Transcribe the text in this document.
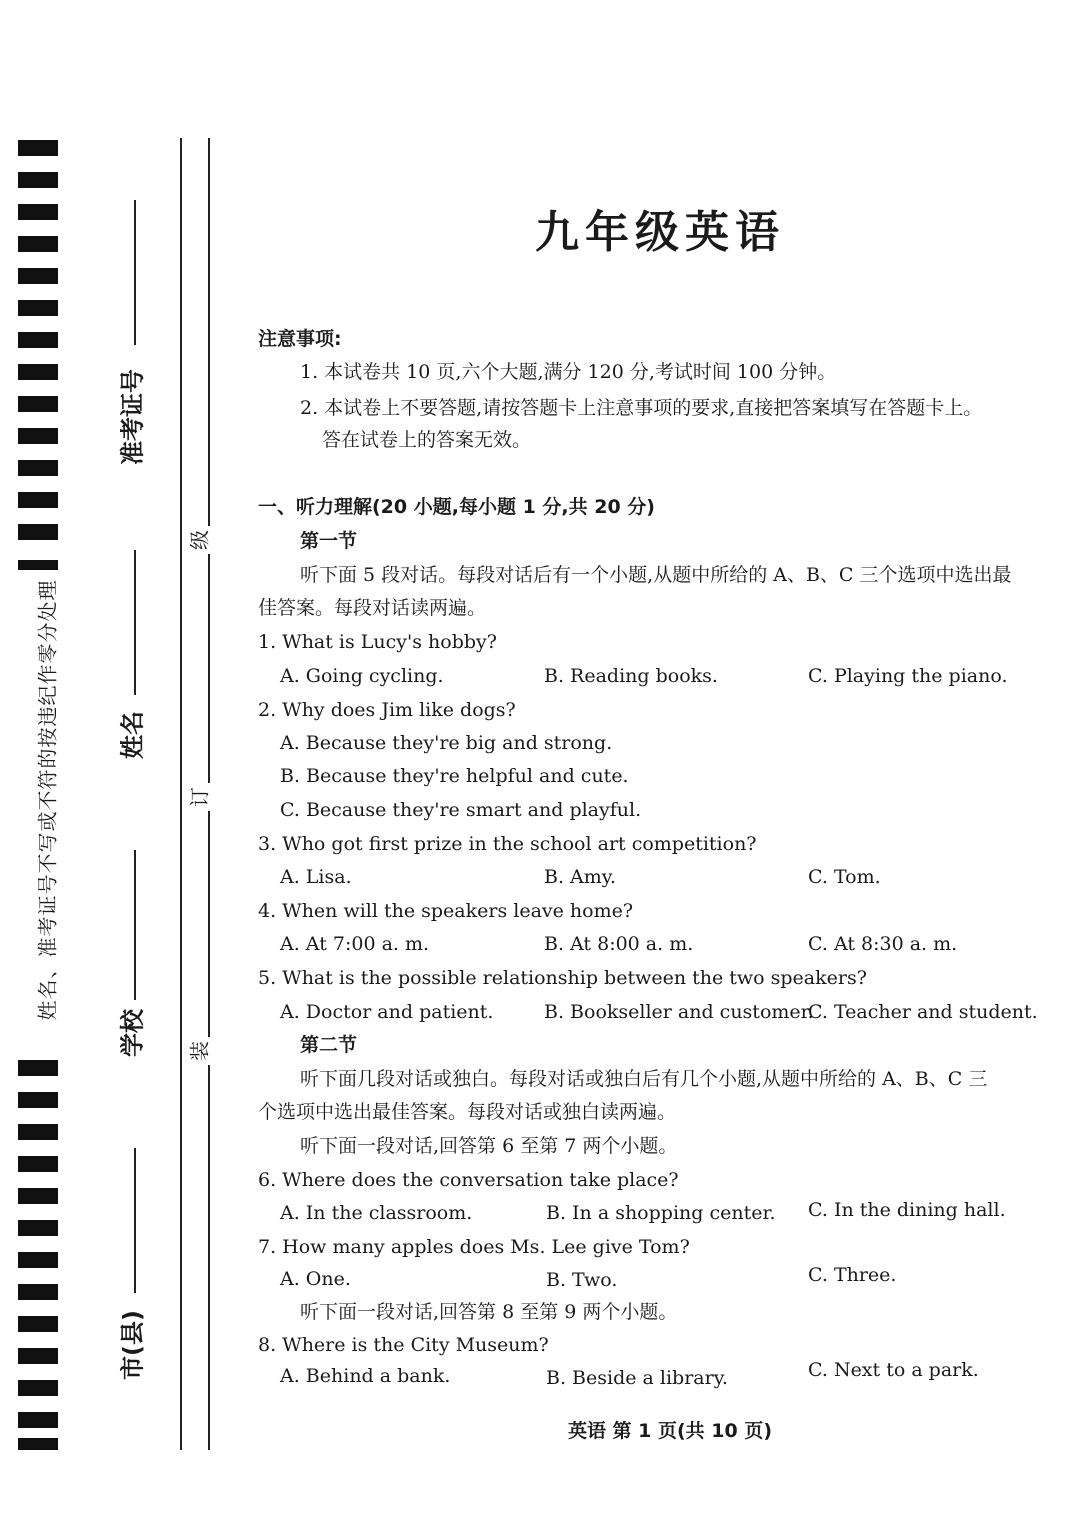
姓名、准考证号不写或不符的按违纪作零分处理
准考证号
姓名
学校
市(县)
级
订
装
九年级英语
注意事项:
1. 本试卷共 10 页,六个大题,满分 120 分,考试时间 100 分钟。
2. 本试卷上不要答题,请按答题卡上注意事项的要求,直接把答案填写在答题卡上。
答在试卷上的答案无效。
一、听力理解(20 小题,每小题 1 分,共 20 分)
第一节
听下面 5 段对话。每段对话后有一个小题,从题中所给的 A、B、C 三个选项中选出最
佳答案。每段对话读两遍。
1. What is Lucy's hobby?
A. Going cycling.	B. Reading books.	C. Playing the piano.
2. Why does Jim like dogs?
A. Because they're big and strong.
B. Because they're helpful and cute.
C. Because they're smart and playful.
3. Who got first prize in the school art competition?
A. Lisa.	B. Amy.	C. Tom.
4. When will the speakers leave home?
A. At 7:00 a. m.	B. At 8:00 a. m.	C. At 8:30 a. m.
5. What is the possible relationship between the two speakers?
A. Doctor and patient.	B. Bookseller and customer.
C. Teacher and student.
第二节
听下面几段对话或独白。每段对话或独白后有几个小题,从题中所给的 A、B、C 三
个选项中选出最佳答案。每段对话或独白读两遍。
听下面一段对话,回答第 6 至第 7 两个小题。
6. Where does the conversation take place?
A. In the classroom.	B. In a shopping center. C. In the dining hall.
7. How many apples does Ms. Lee give Tom?
A. One.	B. Two.	C. Three.
听下面一段对话,回答第 8 至第 9 两个小题。
8. Where is the City Museum?
A. Behind a bank.	B. Beside a library.	C. Next to a park.
英语 第 1 页(共 10 页)
